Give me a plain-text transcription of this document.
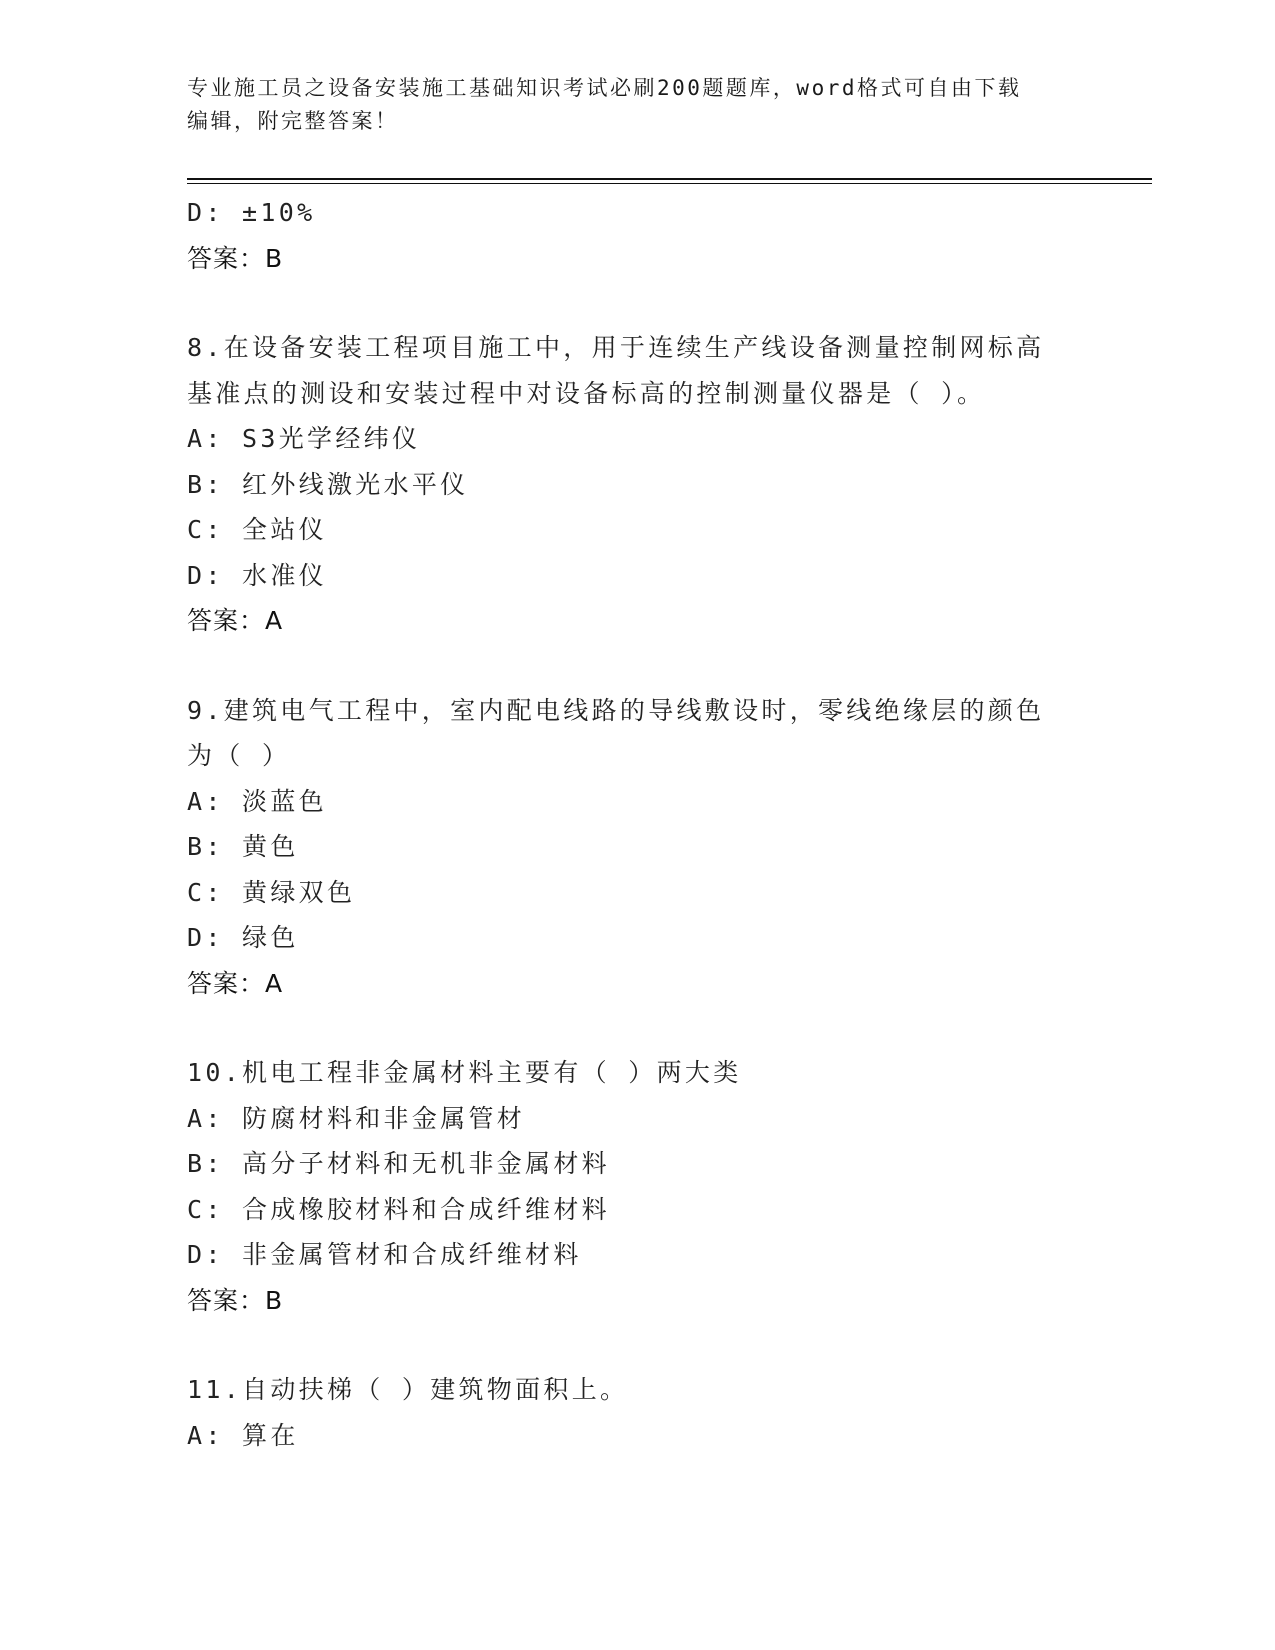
专业施工员之设备安装施工基础知识考试必刷200题题库，word格式可自由下载
编辑，附完整答案！
D: ±10%
答案：B
8.在设备安装工程项目施工中，用于连续生产线设备测量控制网标高
基准点的测设和安装过程中对设备标高的控制测量仪器是（ ）。
A: S3光学经纬仪
B: 红外线激光水平仪
C: 全站仪
D: 水准仪
答案：A
9.建筑电气工程中，室内配电线路的导线敷设时，零线绝缘层的颜色
为（ ）
A: 淡蓝色
B: 黄色
C: 黄绿双色
D: 绿色
答案：A
10.机电工程非金属材料主要有（ ）两大类
A: 防腐材料和非金属管材
B: 高分子材料和无机非金属材料
C: 合成橡胶材料和合成纤维材料
D: 非金属管材和合成纤维材料
答案：B
11.自动扶梯（ ）建筑物面积上。
A: 算在
